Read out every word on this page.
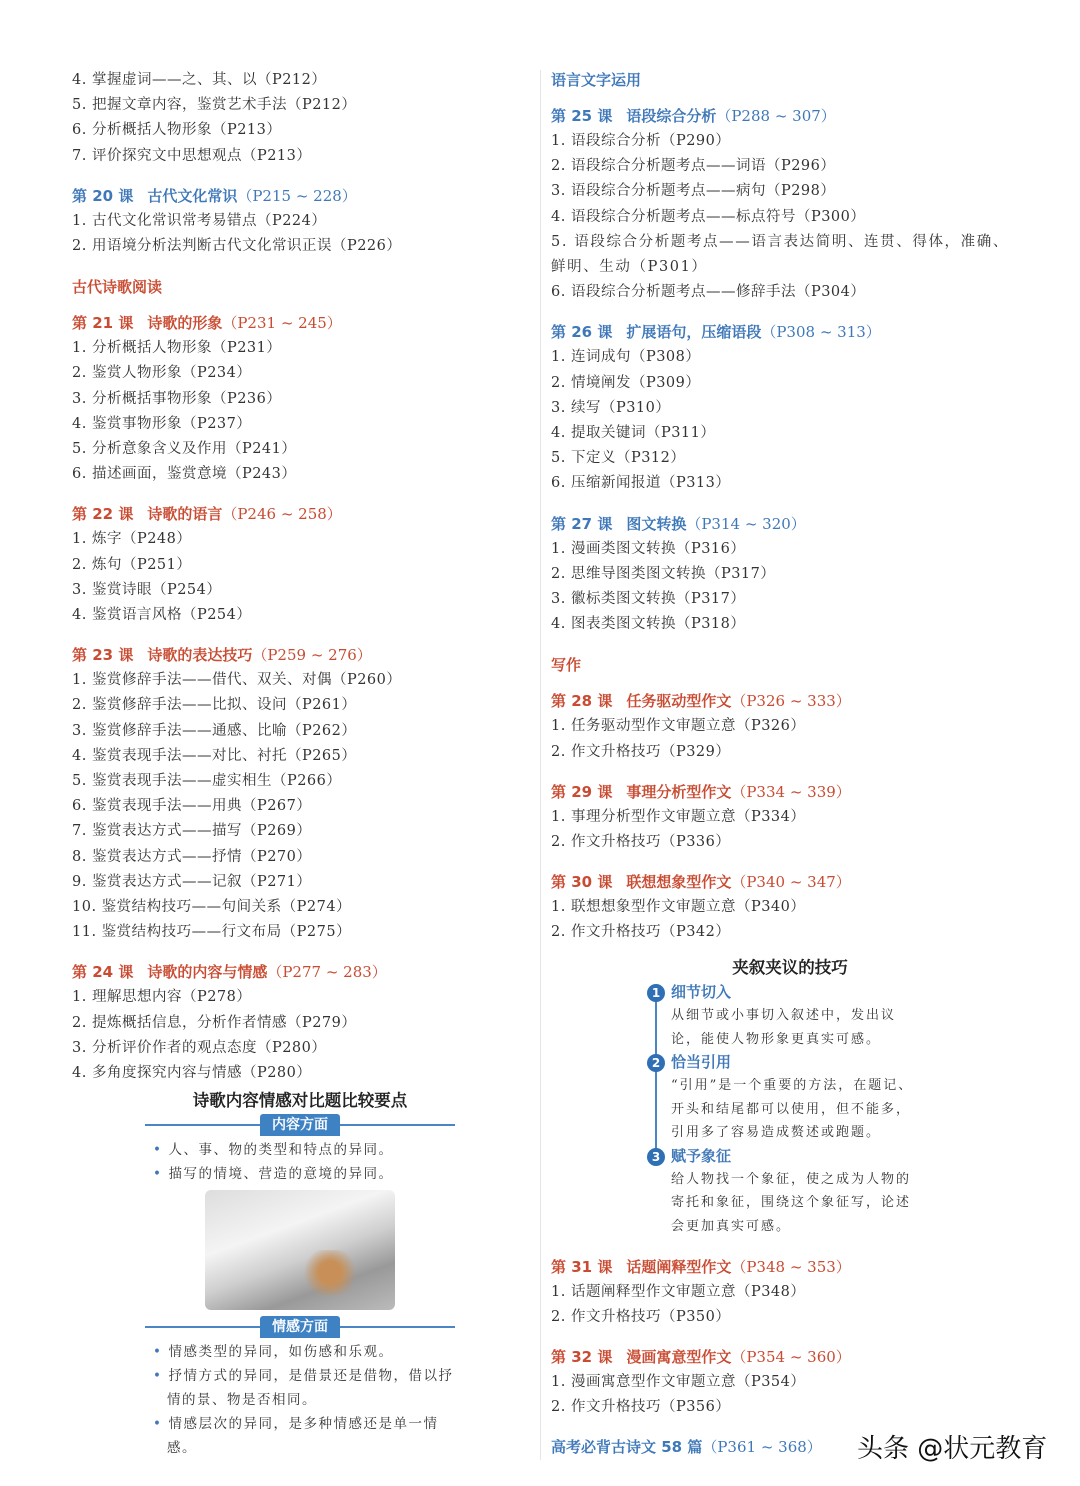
4. 掌握虚词——之、其、以（P212）
5. 把握文章内容，鉴赏艺术手法（P212）
6. 分析概括人物形象（P213）
7. 评价探究文中思想观点（P213）
第 20 课 古代文化常识（P215 ~ 228）
1. 古代文化常识常考易错点（P224）
2. 用语境分析法判断古代文化常识正误（P226）
古代诗歌阅读
第 21 课 诗歌的形象（P231 ~ 245）
1. 分析概括人物形象（P231）
2. 鉴赏人物形象（P234）
3. 分析概括事物形象（P236）
4. 鉴赏事物形象（P237）
5. 分析意象含义及作用（P241）
6. 描述画面，鉴赏意境（P243）
第 22 课 诗歌的语言（P246 ~ 258）
1. 炼字（P248）
2. 炼句（P251）
3. 鉴赏诗眼（P254）
4. 鉴赏语言风格（P254）
第 23 课 诗歌的表达技巧（P259 ~ 276）
1. 鉴赏修辞手法——借代、双关、对偶（P260）
2. 鉴赏修辞手法——比拟、设问（P261）
3. 鉴赏修辞手法——通感、比喻（P262）
4. 鉴赏表现手法——对比、衬托（P265）
5. 鉴赏表现手法——虚实相生（P266）
6. 鉴赏表现手法——用典（P267）
7. 鉴赏表达方式——描写（P269）
8. 鉴赏表达方式——抒情（P270）
9. 鉴赏表达方式——记叙（P271）
10. 鉴赏结构技巧——句间关系（P274）
11. 鉴赏结构技巧——行文布局（P275）
第 24 课 诗歌的内容与情感（P277 ~ 283）
1. 理解思想内容（P278）
2. 提炼概括信息，分析作者情感（P279）
3. 分析评价作者的观点态度（P280）
4. 多角度探究内容与情感（P280）
语言文字运用
第 25 课 语段综合分析（P288 ~ 307）
1. 语段综合分析（P290）
2. 语段综合分析题考点——词语（P296）
3. 语段综合分析题考点——病句（P298）
4. 语段综合分析题考点——标点符号（P300）
5. 语段综合分析题考点——语言表达简明、连贯、得体，准确、鲜明、生动（P301）
6. 语段综合分析题考点——修辞手法（P304）
第 26 课 扩展语句，压缩语段（P308 ~ 313）
1. 连词成句（P308）
2. 情境阐发（P309）
3. 续写（P310）
4. 提取关键词（P311）
5. 下定义（P312）
6. 压缩新闻报道（P313）
第 27 课 图文转换（P314 ~ 320）
1. 漫画类图文转换（P316）
2. 思维导图类图文转换（P317）
3. 徽标类图文转换（P317）
4. 图表类图文转换（P318）
写作
第 28 课 任务驱动型作文（P326 ~ 333）
1. 任务驱动型作文审题立意（P326）
2. 作文升格技巧（P329）
第 29 课 事理分析型作文（P334 ~ 339）
1. 事理分析型作文审题立意（P334）
2. 作文升格技巧（P336）
第 30 课 联想想象型作文（P340 ~ 347）
1. 联想想象型作文审题立意（P340）
2. 作文升格技巧（P342）
第 31 课 话题阐释型作文（P348 ~ 353）
1. 话题阐释型作文审题立意（P348）
2. 作文升格技巧（P350）
第 32 课 漫画寓意型作文（P354 ~ 360）
1. 漫画寓意型作文审题立意（P354）
2. 作文升格技巧（P356）
高考必背古诗文 58 篇（P361 ~ 368）
诗歌内容情感对比题比较要点
内容方面
• 人、事、物的类型和特点的异同。
• 描写的情境、营造的意境的异同。
情感方面
• 情感类型的异同，如伤感和乐观。
• 抒情方式的异同，是借景还是借物，借以抒情的景、物是否相同。
• 情感层次的异同，是多种情感还是单一情感。
夹叙夹议的技巧
1 细节切入
从细节或小事切入叙述中，发出议论，能使人物形象更真实可感。
2 恰当引用
“引用”是一个重要的方法，在题记、开头和结尾都可以使用，但不能多，引用多了容易造成赘述或跑题。
3 赋予象征
给人物找一个象征，使之成为人物的寄托和象征，围绕这个象征写，论述会更加真实可感。
头条 @状元教育
